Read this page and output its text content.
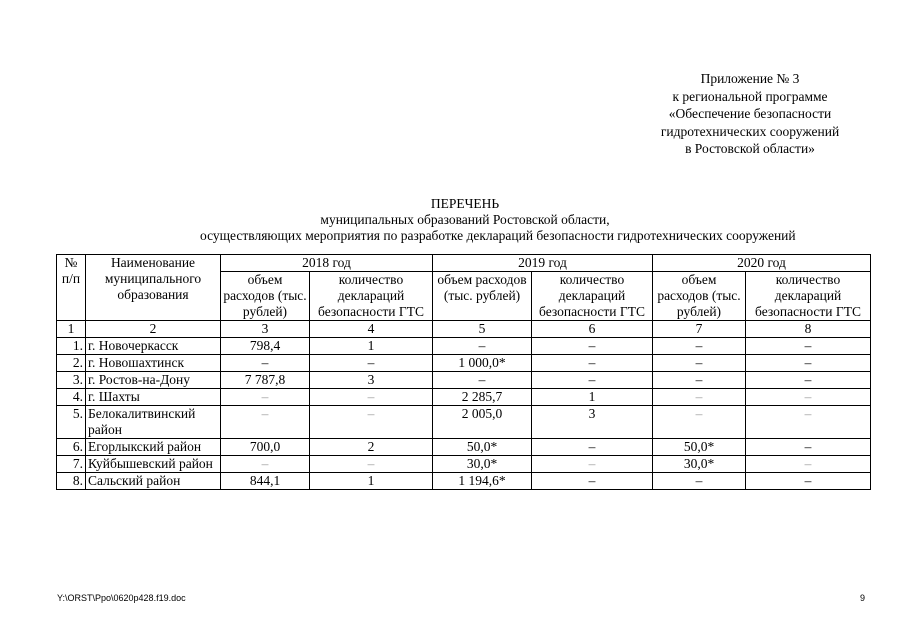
Приложение № 3
к региональной программе
«Обеспечение безопасности
гидротехнических сооружений
в Ростовской области»
ПЕРЕЧЕНЬ
муниципальных образований Ростовской области,
осуществляющих мероприятия по разработке деклараций безопасности гидротехнических сооружений
№ п/п	Наименование муниципального образования	2018 год		2019 год		2020 год	
		объем расходов (тыс. рублей)	количество деклараций безопасности ГТС	объем расходов (тыс. рублей)	количество деклараций безопасности ГТС	объем расходов (тыс. рублей)	количество деклараций безопасности ГТС
1	2	3	4	5	6	7	8
1.	г. Новочеркасск	798,4	1	–	–	–	–
2.	г. Новошахтинск	–	–	1 000,0*	–	–	–
3.	г. Ростов-на-Дону	7 787,8	3	–	–	–	–
4.	г. Шахты	–	–	2 285,7	1	–	–
5.	Белокалитвинский район	–	–	2 005,0	3	–	–
6.	Егорлыкский район	700,0	2	50,0*	–	50,0*	–
7.	Куйбышевский район	–	–	30,0*	–	30,0*	–
8.	Сальский район	844,1	1	1 194,6*	–	–	–
Y:\ORST\Ppo\0620p428.f19.doc	9
